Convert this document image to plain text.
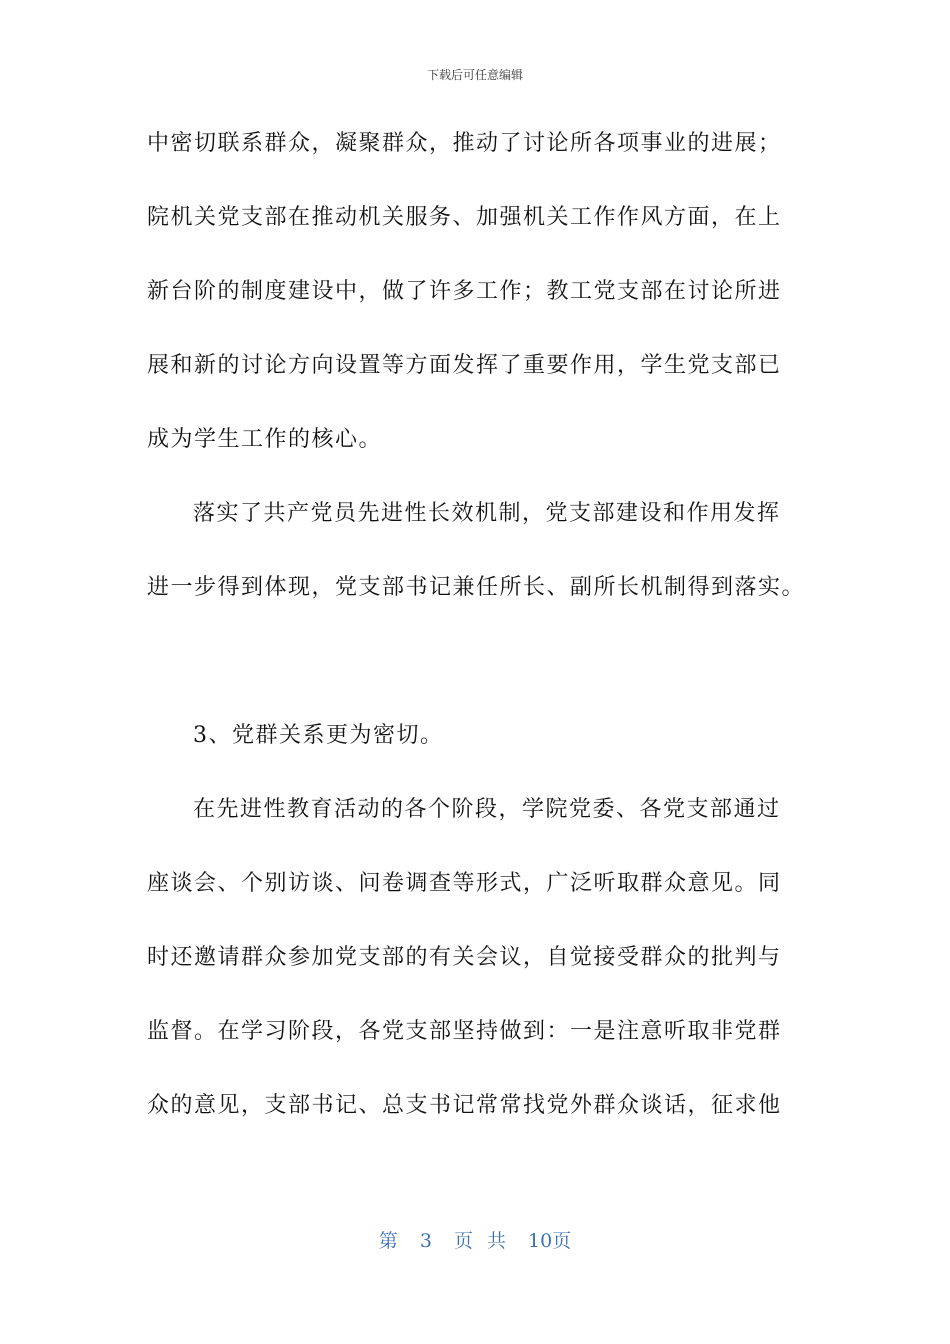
下载后可任意编辑
中密切联系群众，凝聚群众，推动了讨论所各项事业的进展；
院机关党支部在推动机关服务、加强机关工作作风方面，在上
新台阶的制度建设中，做了许多工作；教工党支部在讨论所进
展和新的讨论方向设置等方面发挥了重要作用，学生党支部已
成为学生工作的核心。
落实了共产党员先进性长效机制，党支部建设和作用发挥
进一步得到体现，党支部书记兼任所长、副所长机制得到落实。
3、党群关系更为密切。
在先进性教育活动的各个阶段，学院党委、各党支部通过
座谈会、个别访谈、问卷调查等形式，广泛听取群众意见。同
时还邀请群众参加党支部的有关会议，自觉接受群众的批判与
监督。在学习阶段，各党支部坚持做到：一是注意听取非党群
众的意见，支部书记、总支书记常常找党外群众谈话，征求他
第 3 页 共 10页
